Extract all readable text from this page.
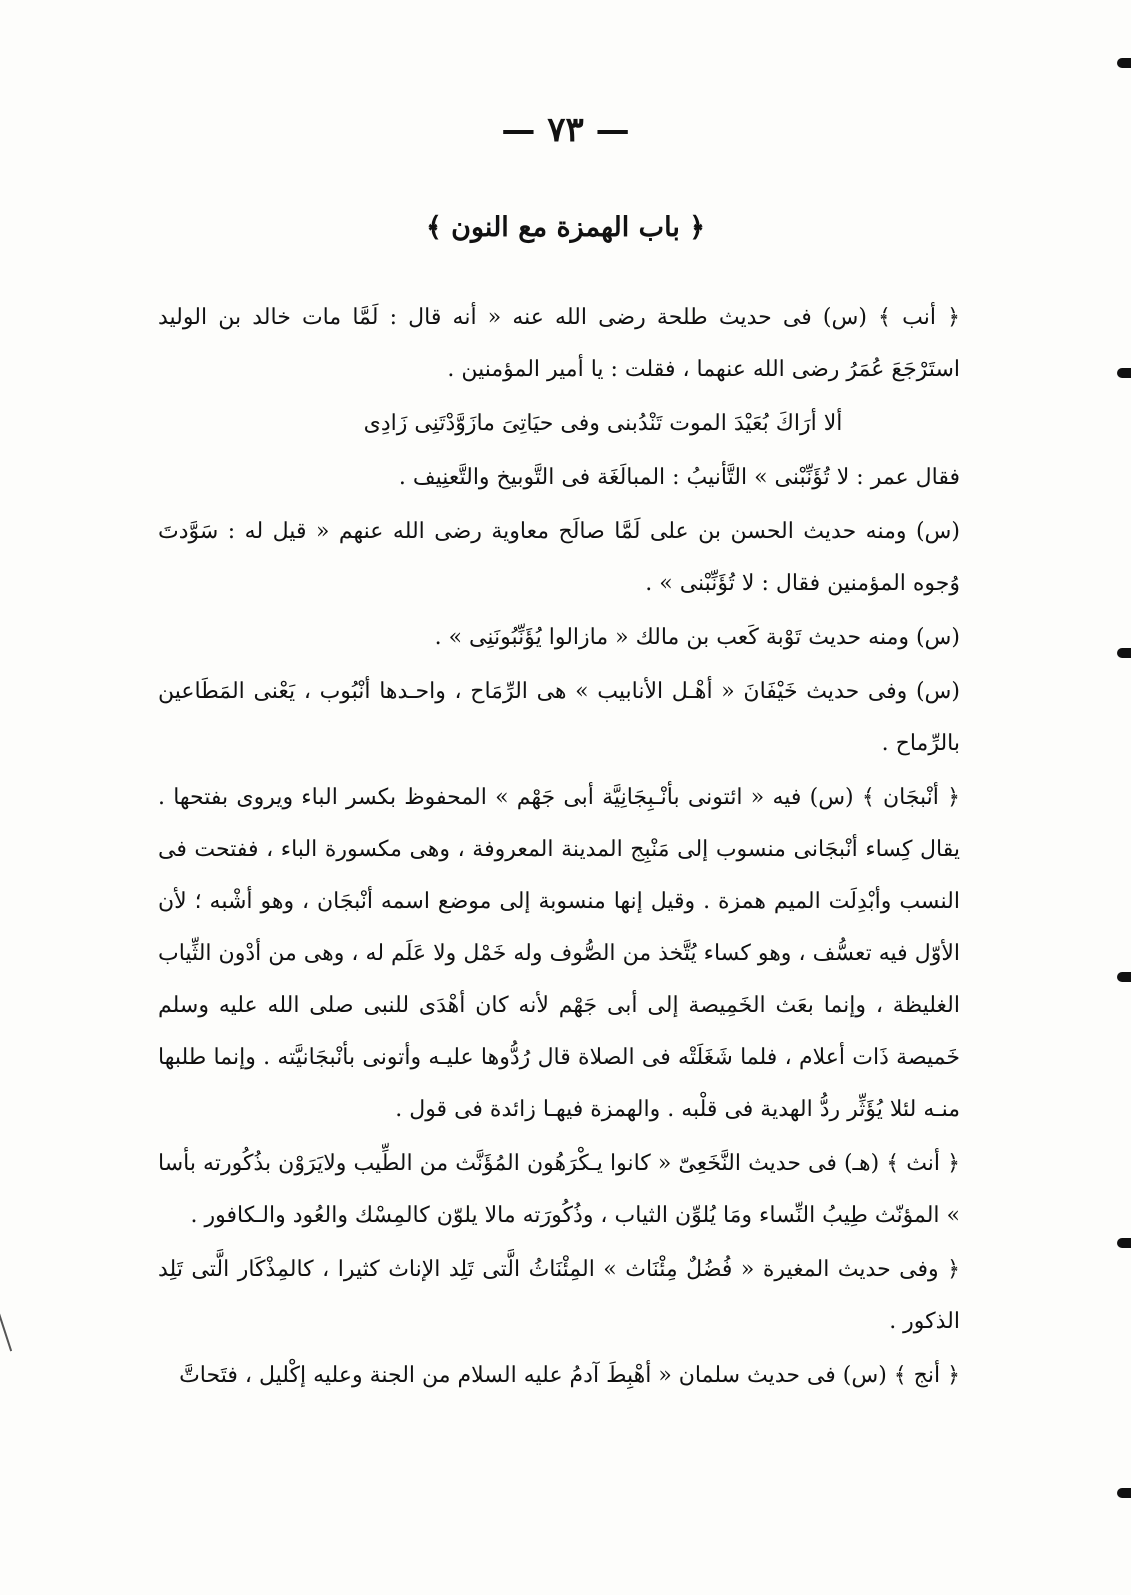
— ٧٣ —
﴿ باب الهمزة مع النون ﴾

﴿ أنب ﴾ (س) فى حديث طلحة رضى الله عنه « أنه قال : لَمَّا مات خالد بن الوليد استَرْجَعَ عُمَرُ رضى الله عنهما ، فقلت : يا أمير المؤمنين .

ألا أرَاكَ بُعَيْدَ الموت تَنْدُبنى وفى حيَاتِىَ مازَوَّدْتَنِى زَادِى

فقال عمر : لا تُؤَنِّبْنى » التَّأنيبُ : المبالَغَة فى التَّوبيخ والتَّعنِيف .

(س) ومنه حديث الحسن بن على لَمَّا صالَح معاوية رضى الله عنهم « قيل له : سَوَّدتَ وُجوه المؤمنين فقال : لا تُؤَنِّبْنى » .

(س) ومنه حديث تَوْبة كَعب بن مالك « مازالوا يُؤَنِّبُونَنِى » .

(س) وفى حديث خَيْفَانَ « أهْـل الأنابيب » هى الرِّمَاح ، واحـدها أنْبُوب ، يَعْنى المَطَاعين بالرِّماح .

﴿ أنْبجَان ﴾ (س) فيه « ائتونى بأنْـبِجَانِيَّة أبى جَهْم » المحفوظ بكسر الباء ويروى بفتحها . يقال كِساء أنْبجَانى منسوب إلى مَنْبِج المدينة المعروفة ، وهى مكسورة الباء ، ففتحت فى النسب وأبْدِلَت الميم همزة . وقيل إنها منسوبة إلى موضع اسمه أنْبجَان ، وهو أشْبه ؛ لأن الأوّل فيه تعسُّف ، وهو كساء يُتَّخذ من الصُّوف وله خَمْل ولا عَلَم له ، وهى من أدْون الثِّياب الغليظة ، وإنما بعَث الخَمِيصة إلى أبى جَهْم لأنه كان أهْدَى للنبى صلى الله عليه وسلم خَميصة ذَات أعلام ، فلما شَغَلَتْه فى الصلاة قال رُدُّوها عليـه وأتونى بأنْبجَانيَّته . وإنما طلبها منـه لئلا يُؤَثِّر ردُّ الهدية فى قلْبه . والهمزة فيهـا زائدة فى قول .

﴿ أنث ﴾ (هـ) فى حديث النَّخَعِىّ « كانوا يـكْرَهُون المُؤَنَّث من الطِّيب ولايَرَوْن بذُكُورته بأسا » المؤنّث طِيبُ النِّساء ومَا يُلوِّن الثياب ، وذُكُورَته مالا يلوّن كالمِسْك والعُود والـكافور .

﴿ وفى حديث المغيرة « فُضُلٌ مِئْنَاث » المِئْنَاثُ الَّتى تَلِد الإناث كثيرا ، كالمِذْكَار الَّتى تَلِد الذكور .

﴿ أنج ﴾ (س) فى حديث سلمان « أهْبِطَ آدمُ عليه السلام من الجنة وعليه إكْليل ، فتَحاتَّ
